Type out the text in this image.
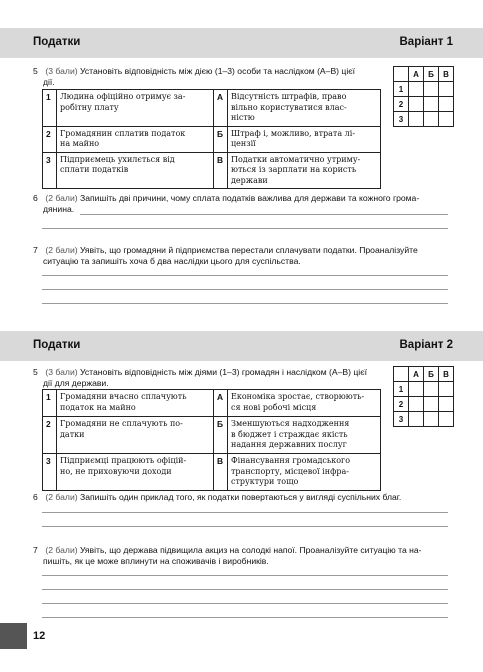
Податки	Варіант 1
5 (3 бали) Установіть відповідність між дією (1–3) особи та наслідком (А–В) цієї
дії.
	А	Б	В
1			
2			
3			
1	Людина офіційно отримує за-
робітну плату	А	Відсутність штрафів, право
вільно користуватися влас-
ністю
2	Громадянин сплатив податок
на майно	Б	Штраф і, можливо, втрата лі-
цензії
3	Підприємець ухилється від
сплати податків	В	Податки автоматично утриму-
ються із зарплати на користь
держави
6 (2 бали) Запишіть дві причини, чому сплата податків важлива для держави та кожного грома-
дянина.
7 (2 бали) Уявіть, що громадяни й підприємства перестали сплачувати податки. Проаналізуйте
ситуацію та запишіть хоча б два наслідки цього для суспільства.
Податки	Варіант 2
5 (3 бали) Установіть відповідність між діями (1–3) громадян і наслідком (А–В) цієї
дії для держави.
	А	Б	В
1			
2			
3			
1	Громадяни вчасно сплачують
податок на майно	А	Економіка зростає, створюють-
ся нові робочі місця
2	Громадяни не сплачують по-
датки	Б	Зменшуються надходження
в бюджет і страждає якість
надання державних послуг
3	Підприємці працюють офіцій-
но, не приховуючи доходи	В	Фінансування громадського
транспорту, місцевої інфра-
структури тощо
6 (2 бали) Запишіть один приклад того, як податки повертаються у вигляді суспільних благ.
7 (2 бали) Уявіть, що держава підвищила акциз на солодкі напої. Проаналізуйте ситуацію та на-
пишіть, як це може вплинути на споживачів і виробників.
12
